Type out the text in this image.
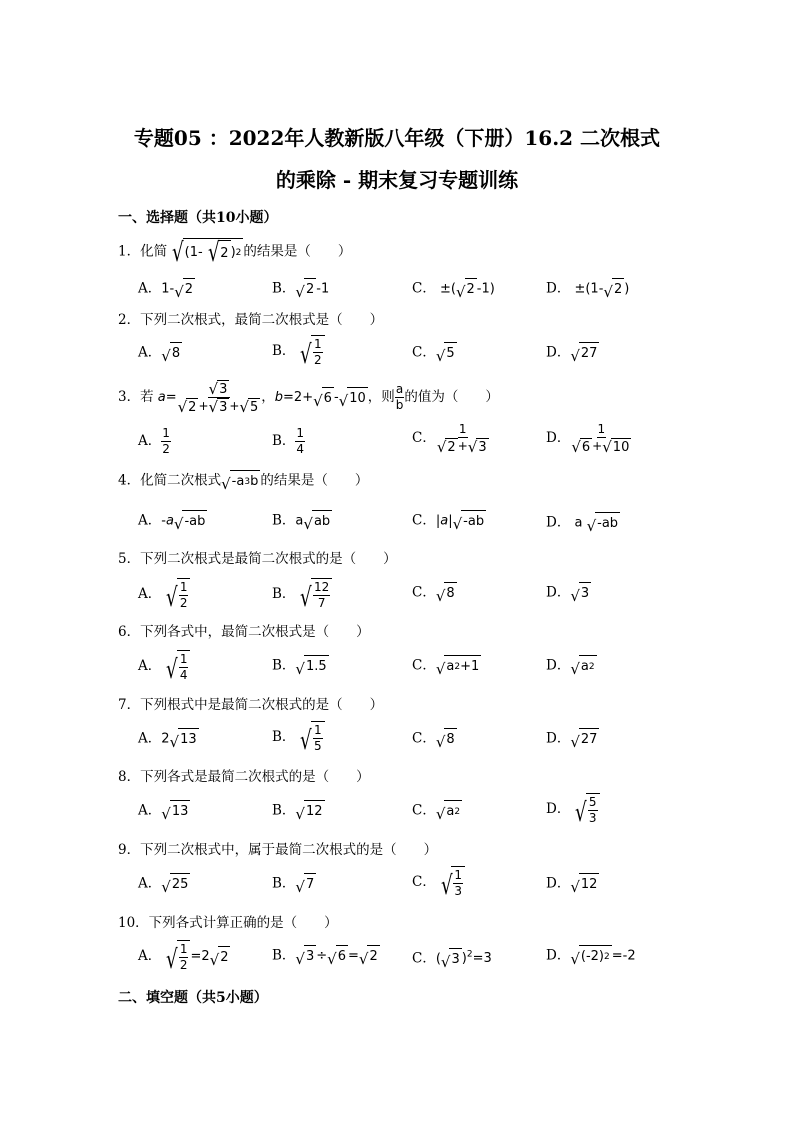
专题05 ：2022年人教新版八年级（下册）16.2 二次根式
的乘除 - 期末复习专题训练
一、选择题（共10小题）
1．化简 √ (1- √ 2 ) 2 的结果是（　　）
A．1- √ 2	B． √ 2 -1	C． ±( √ 2 -1)	D． ±(1- √ 2 )
2．下列二次根式，最简二次根式是（　　）
A． √ 8	B． √ $\frac{1}{2}$	C． √ 5	D． √ 27
3．若 $a= \frac{√ 3}{√ 2 + √ 3 + √ 5}$ ，b=2+ √ 6 - √ 10 ，则 $\frac{a}{b}$ 的值为（　　）
A． $\frac{1}{2}$	B． $\frac{1}{4}$	C． $\frac{1}{√ 2 + √ 3}$	D． $\frac{1}{√ 6 + √ 10}$
4．化简二次根式 √ -a 3 b 的结果是（　　）
A．-a √ -ab	B．a √ ab	C．|a| √ -ab	D． a √ -ab
5．下列二次根式是最简二次根式的是（　　）
A． √ $\frac{1}{2}$	B． √ $\frac{12}{7}$	C． √ 8	D． √ 3
6．下列各式中，最简二次根式是（　　）
A． √ $\frac{1}{4}$	B． √ 1.5	C． √ a 2 +1	D． √ a 2
7．下列根式中是最简二次根式的是（　　）
A．2 √ 13	B． √ $\frac{1}{5}$	C． √ 8	D． √ 27
8．下列各式是最简二次根式的是（　　）
A． √ 13	B． √ 12	C． √ a 2	D． √ $\frac{5}{3}$
9．下列二次根式中，属于最简二次根式的是（　　）
A． √ 25	B． √ 7	C． √ $\frac{1}{3}$	D． √ 12
10．下列各式计算正确的是（　　）
A． √ $\frac{1}{2} =2$ √ 2	B． √ 3 ÷ √ 6 = √ 2	C．( √ 3 )$^2$=3	D． √ (-2) 2 =-2
二、填空题（共5小题）
